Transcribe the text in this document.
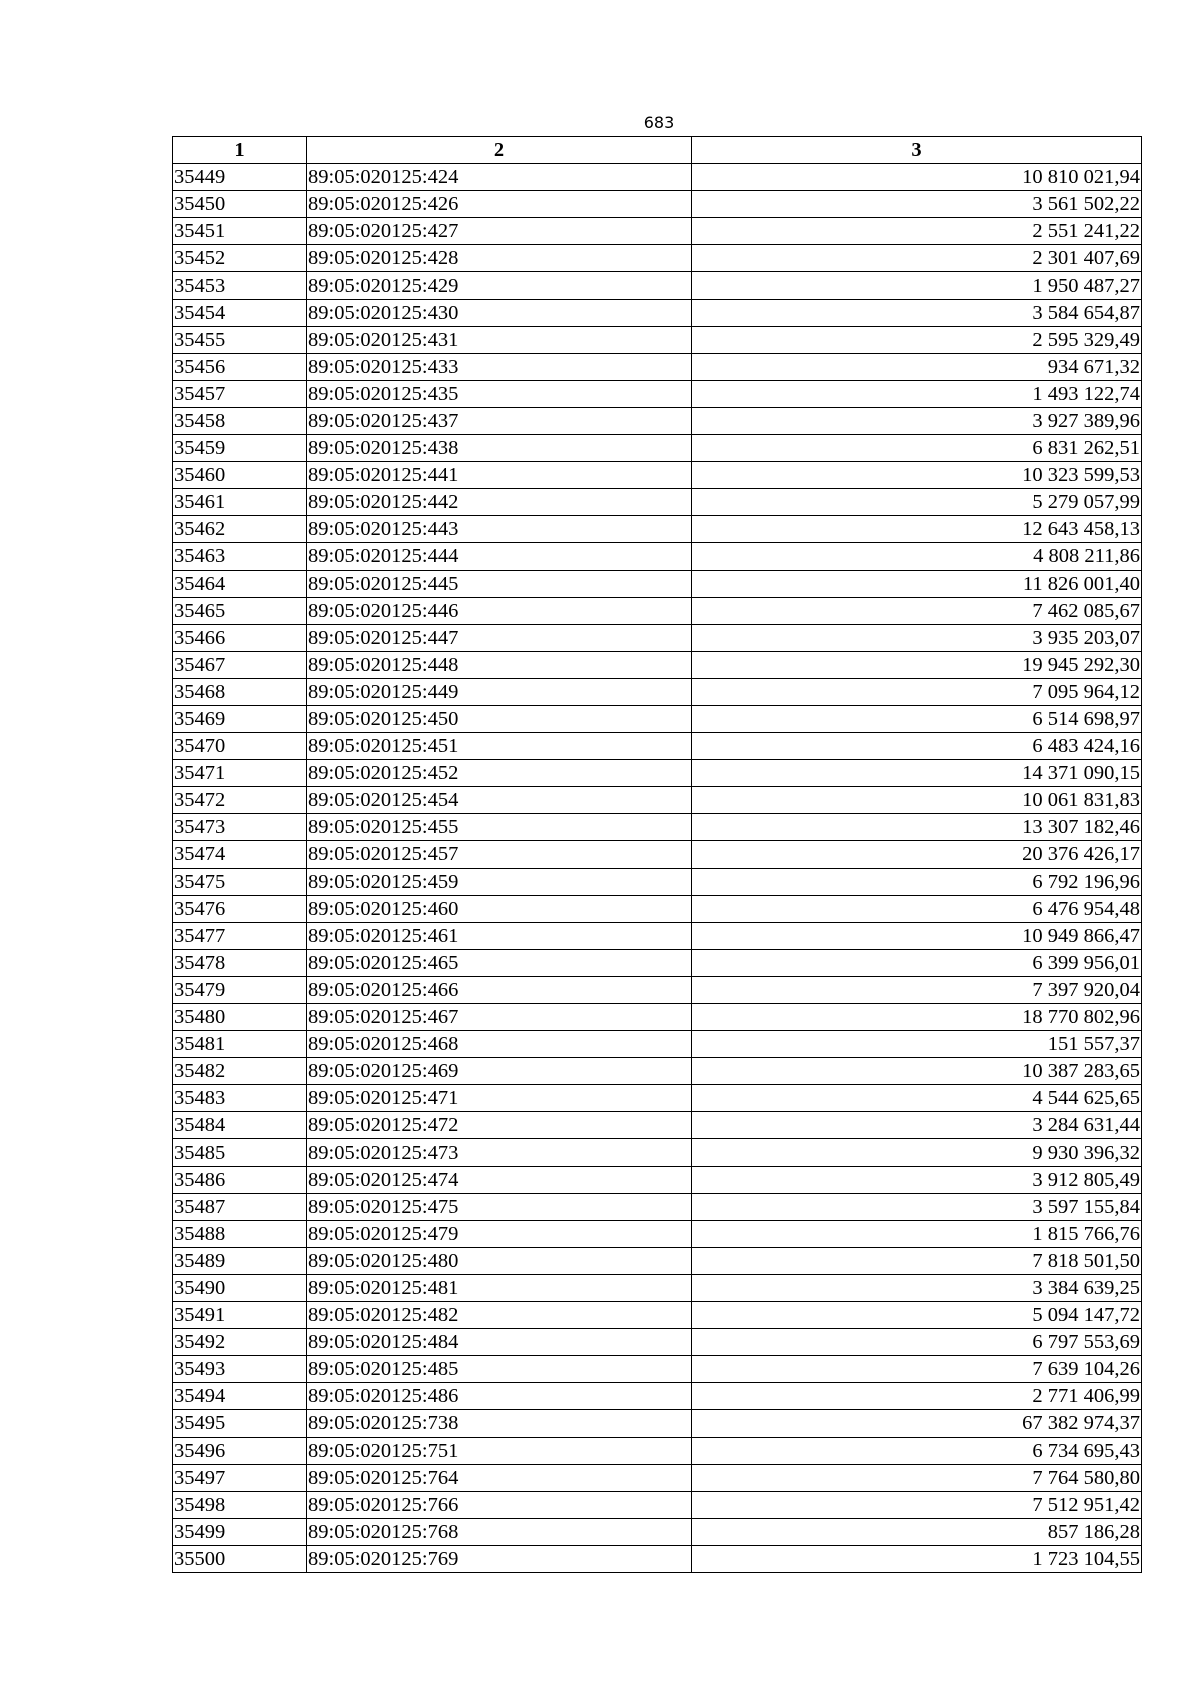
683
1	2	3
35449	89:05:020125:424	10 810 021,94
35450	89:05:020125:426	3 561 502,22
35451	89:05:020125:427	2 551 241,22
35452	89:05:020125:428	2 301 407,69
35453	89:05:020125:429	1 950 487,27
35454	89:05:020125:430	3 584 654,87
35455	89:05:020125:431	2 595 329,49
35456	89:05:020125:433	934 671,32
35457	89:05:020125:435	1 493 122,74
35458	89:05:020125:437	3 927 389,96
35459	89:05:020125:438	6 831 262,51
35460	89:05:020125:441	10 323 599,53
35461	89:05:020125:442	5 279 057,99
35462	89:05:020125:443	12 643 458,13
35463	89:05:020125:444	4 808 211,86
35464	89:05:020125:445	11 826 001,40
35465	89:05:020125:446	7 462 085,67
35466	89:05:020125:447	3 935 203,07
35467	89:05:020125:448	19 945 292,30
35468	89:05:020125:449	7 095 964,12
35469	89:05:020125:450	6 514 698,97
35470	89:05:020125:451	6 483 424,16
35471	89:05:020125:452	14 371 090,15
35472	89:05:020125:454	10 061 831,83
35473	89:05:020125:455	13 307 182,46
35474	89:05:020125:457	20 376 426,17
35475	89:05:020125:459	6 792 196,96
35476	89:05:020125:460	6 476 954,48
35477	89:05:020125:461	10 949 866,47
35478	89:05:020125:465	6 399 956,01
35479	89:05:020125:466	7 397 920,04
35480	89:05:020125:467	18 770 802,96
35481	89:05:020125:468	151 557,37
35482	89:05:020125:469	10 387 283,65
35483	89:05:020125:471	4 544 625,65
35484	89:05:020125:472	3 284 631,44
35485	89:05:020125:473	9 930 396,32
35486	89:05:020125:474	3 912 805,49
35487	89:05:020125:475	3 597 155,84
35488	89:05:020125:479	1 815 766,76
35489	89:05:020125:480	7 818 501,50
35490	89:05:020125:481	3 384 639,25
35491	89:05:020125:482	5 094 147,72
35492	89:05:020125:484	6 797 553,69
35493	89:05:020125:485	7 639 104,26
35494	89:05:020125:486	2 771 406,99
35495	89:05:020125:738	67 382 974,37
35496	89:05:020125:751	6 734 695,43
35497	89:05:020125:764	7 764 580,80
35498	89:05:020125:766	7 512 951,42
35499	89:05:020125:768	857 186,28
35500	89:05:020125:769	1 723 104,55
